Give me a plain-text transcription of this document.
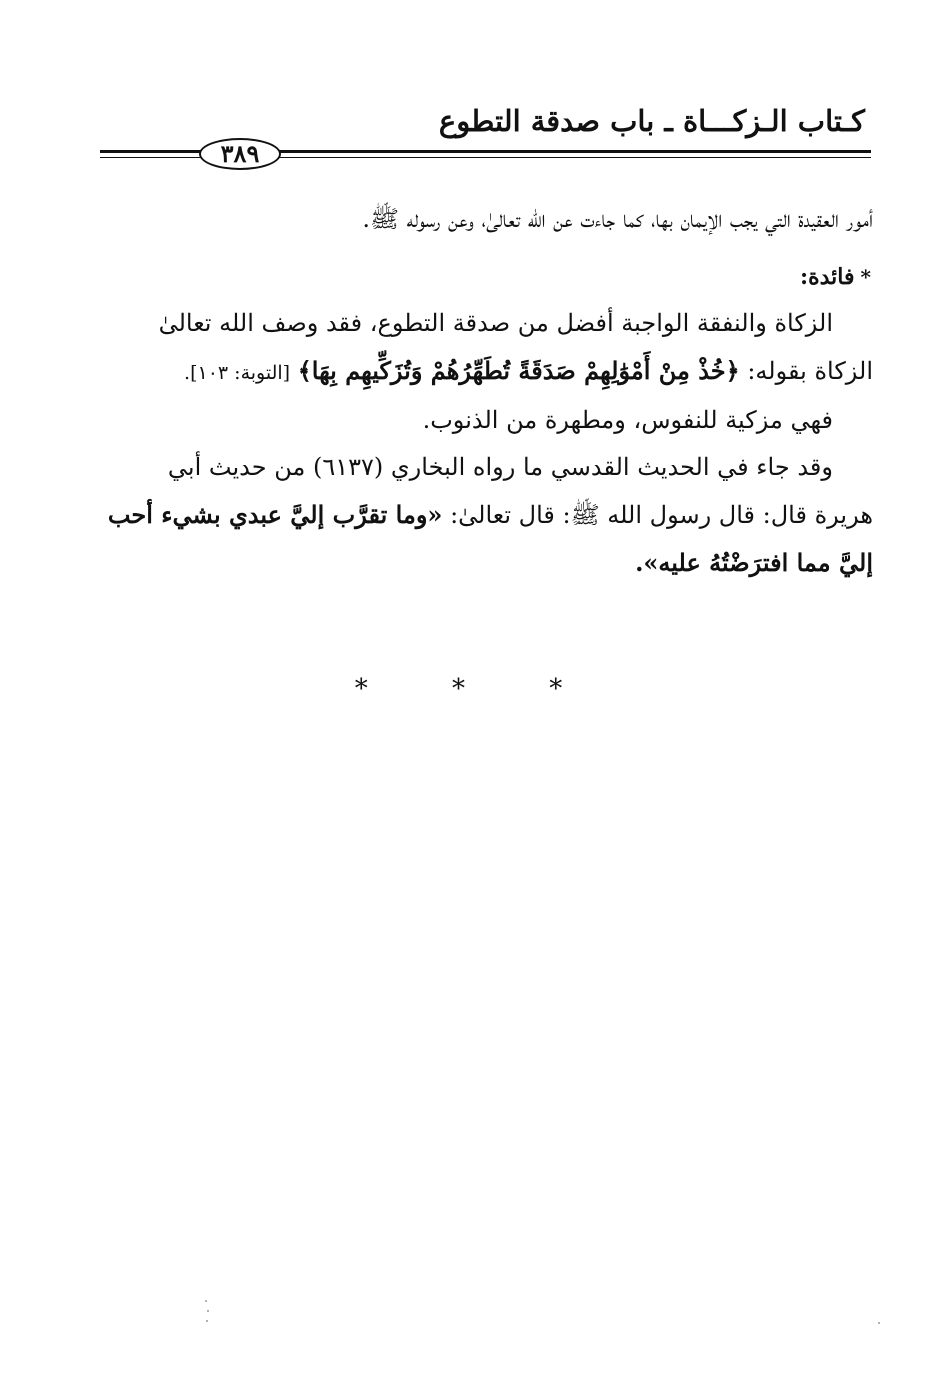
كـتاب الـزكـــاة ـ باب صدقة التطوع
٣٨٩
أمور العقيدة التي يجب الإيمان بها، كما جاءت عن الله تعالىٰ، وعن رسوله ﷺ.
*فائدة:
الزكاة والنفقة الواجبة أفضل من صدقة التطوع، فقد وصف الله تعالىٰ
الزكاة بقوله: ﴿خُذْ مِنْ أَمْوَٰلِهِمْ صَدَقَةً تُطَهِّرُهُمْ وَتُزَكِّيهِم بِهَا﴾ [التوبة: ١٠٣].
فهي مزكية للنفوس، ومطهرة من الذنوب.
وقد جاء في الحديث القدسي ما رواه البخاري (٦١٣٧) من حديث أبي
هريرة قال: قال رسول الله ﷺ: قال تعالىٰ: «وما تقرَّب إليَّ عبدي بشيء أحب
إليَّ مما افترَضْتُهُ عليه».
* * *
